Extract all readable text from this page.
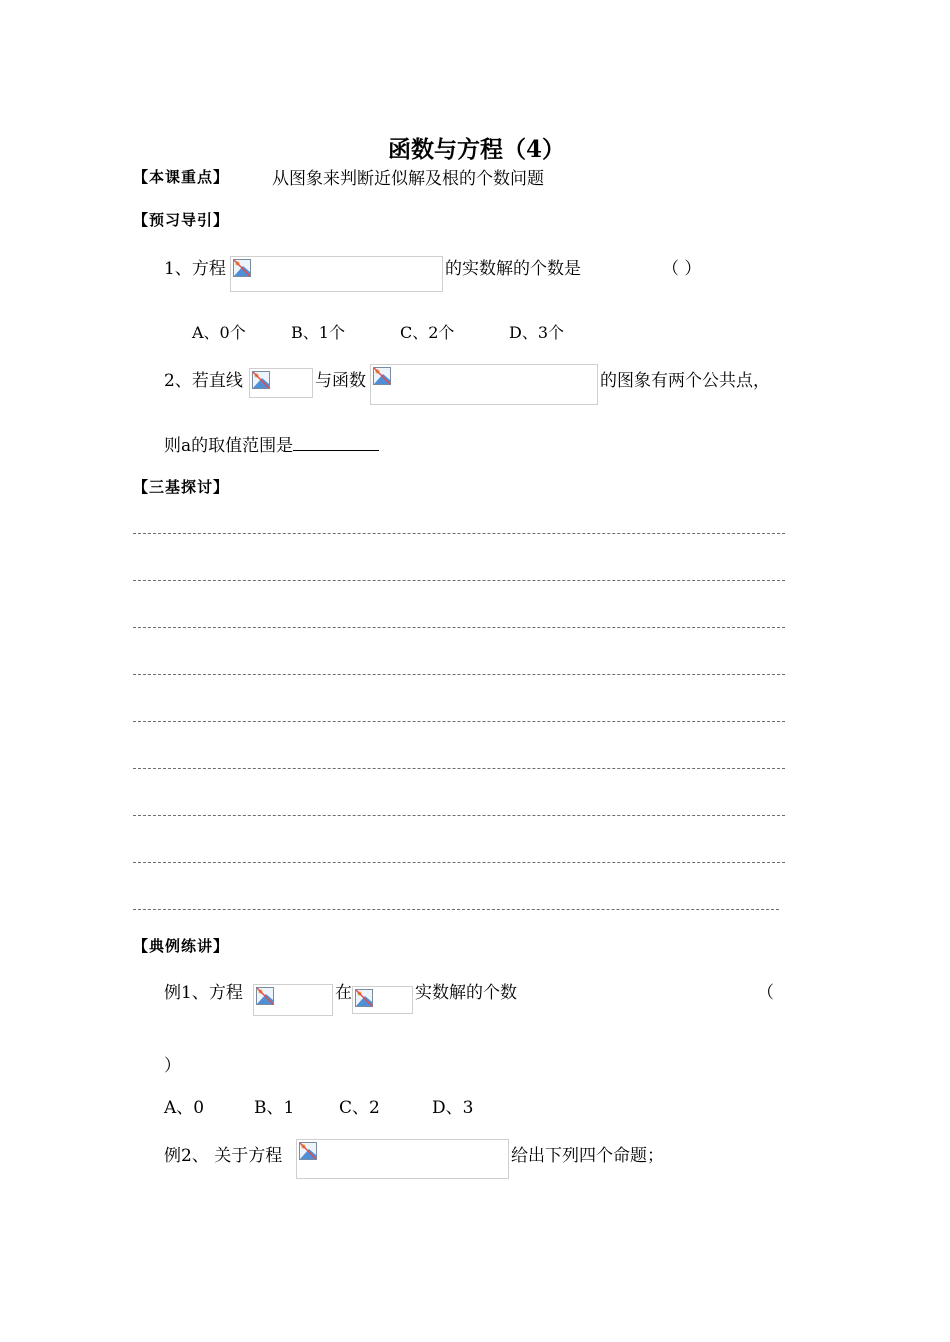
函数与方程（4）
【本课重点】	从图象来判断近似解及根的个数问题
【预习导引】
1、方程	的实数解的个数是	（ ）
A、0个	B、1个	C、2个	D、3个
2、若直线	与函数	的图象有两个公共点，
则a的取值范围是
【三基探讨】
【典例练讲】
例1、方程	在	实数解的个数	（
）
A、0	B、1	C、2	D、3
例2、 关于方程	给出下列四个命题；
